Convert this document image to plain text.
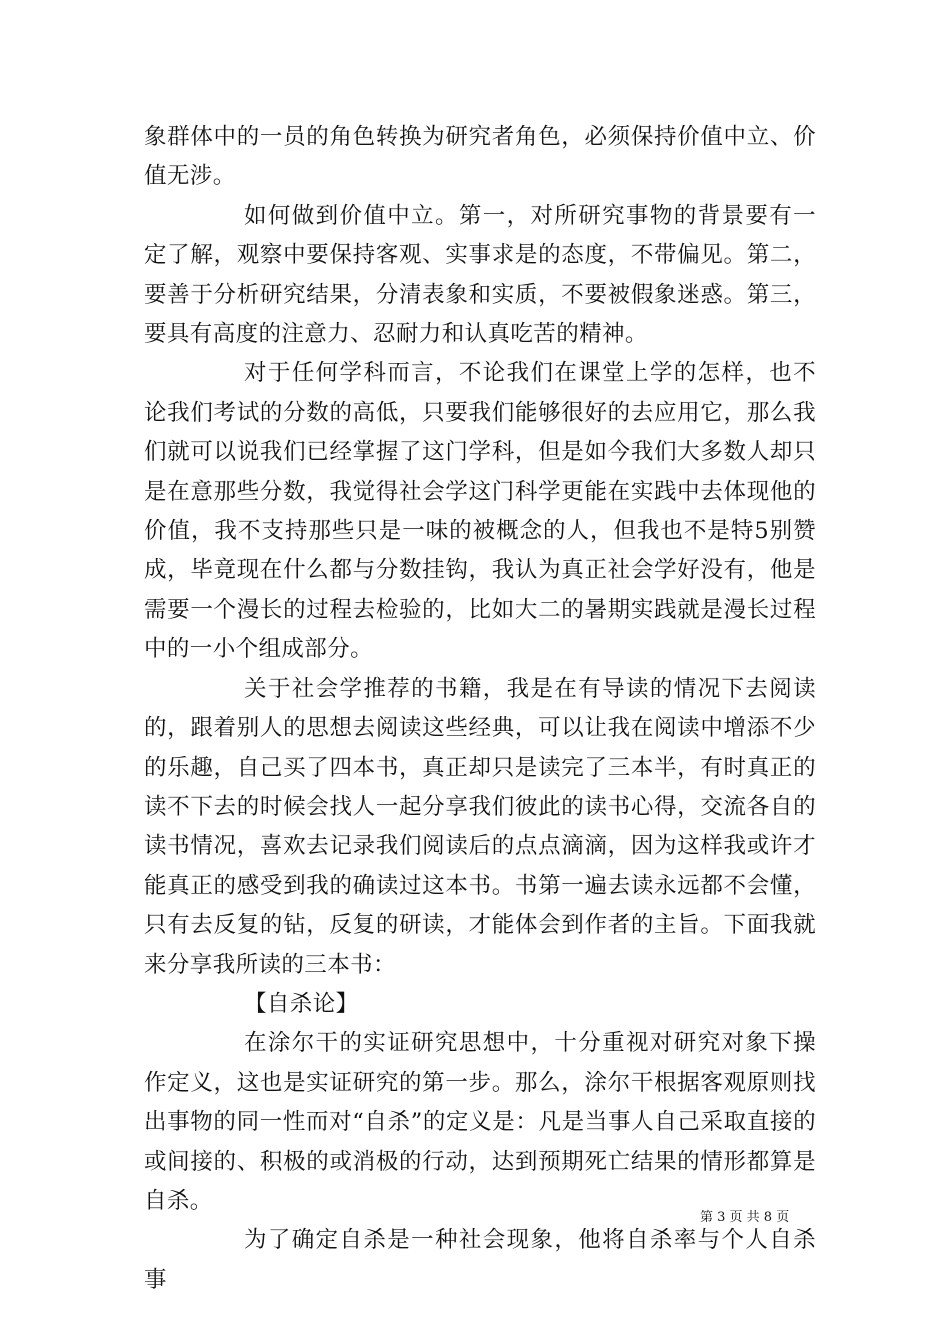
象群体中的一员的角色转换为研究者角色，必须保持价值中立、价值无涉。

如何做到价值中立。第一，对所研究事物的背景要有一定了解，观察中要保持客观、实事求是的态度，不带偏见。第二，要善于分析研究结果，分清表象和实质，不要被假象迷惑。第三，要具有高度的注意力、忍耐力和认真吃苦的精神。

对于任何学科而言，不论我们在课堂上学的怎样，也不论我们考试的分数的高低，只要我们能够很好的去应用它，那么我们就可以说我们已经掌握了这门学科，但是如今我们大多数人却只是在意那些分数，我觉得社会学这门科学更能在实践中去体现他的价值，我不支持那些只是一味的被概念的人，但我也不是特5别赞成，毕竟现在什么都与分数挂钩，我认为真正社会学好没有，他是需要一个漫长的过程去检验的，比如大二的暑期实践就是漫长过程中的一小个组成部分。

关于社会学推荐的书籍，我是在有导读的情况下去阅读的，跟着别人的思想去阅读这些经典，可以让我在阅读中增添不少的乐趣，自己买了四本书，真正却只是读完了三本半，有时真正的读不下去的时候会找人一起分享我们彼此的读书心得，交流各自的读书情况，喜欢去记录我们阅读后的点点滴滴，因为这样我或许才能真正的感受到我的确读过这本书。书第一遍去读永远都不会懂，只有去反复的钻，反复的研读，才能体会到作者的主旨。下面我就来分享我所读的三本书：

【自杀论】

在涂尔干的实证研究思想中，十分重视对研究对象下操作定义，这也是实证研究的第一步。那么，涂尔干根据客观原则找出事物的同一性而对“自杀”的定义是：凡是当事人自己采取直接的或间接的、积极的或消极的行动，达到预期死亡结果的情形都算是自杀。

为了确定自杀是一种社会现象，他将自杀率与个人自杀事

第 3 页 共 8 页
